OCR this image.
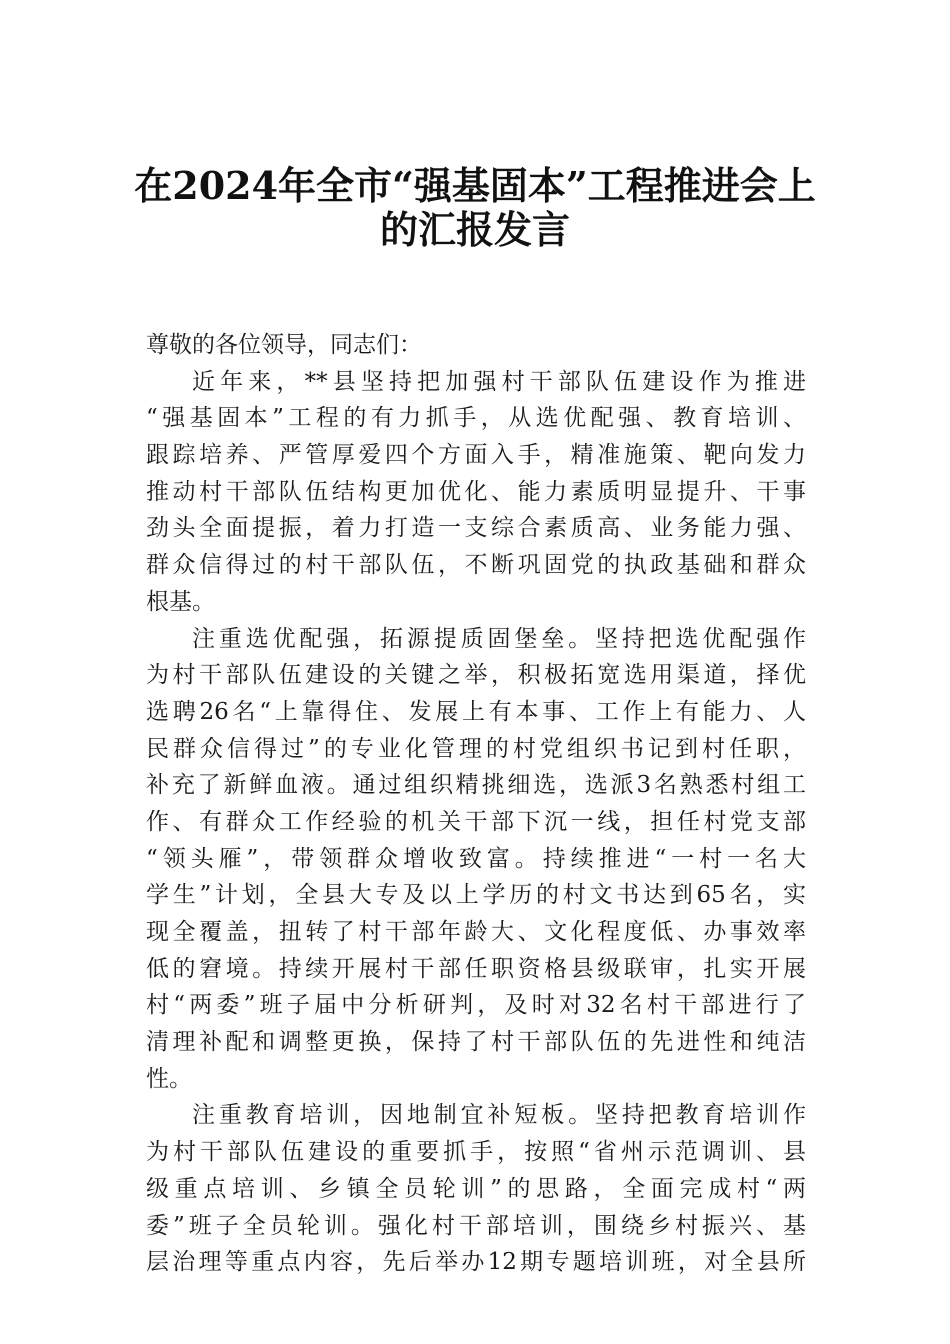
在2024年全市“强基固本”工程推进会上
的汇报发言
尊敬的各位领导，同志们：
近年来，**县坚持把加强村干部队伍建设作为推进
“强基固本”工程的有力抓手，从选优配强、教育培训、
跟踪培养、严管厚爱四个方面入手，精准施策、靶向发力
推动村干部队伍结构更加优化、能力素质明显提升、干事
劲头全面提振，着力打造一支综合素质高、业务能力强、
群众信得过的村干部队伍，不断巩固党的执政基础和群众
根基。
注重选优配强，拓源提质固堡垒。坚持把选优配强作
为村干部队伍建设的关键之举，积极拓宽选用渠道，择优
选聘26名“上靠得住、发展上有本事、工作上有能力、人
民群众信得过”的专业化管理的村党组织书记到村任职，
补充了新鲜血液。通过组织精挑细选，选派3名熟悉村组工
作、有群众工作经验的机关干部下沉一线，担任村党支部
“领头雁”，带领群众增收致富。持续推进“一村一名大
学生”计划，全县大专及以上学历的村文书达到65名，实
现全覆盖，扭转了村干部年龄大、文化程度低、办事效率
低的窘境。持续开展村干部任职资格县级联审，扎实开展
村“两委”班子届中分析研判，及时对32名村干部进行了
清理补配和调整更换，保持了村干部队伍的先进性和纯洁
性。
注重教育培训，因地制宜补短板。坚持把教育培训作
为村干部队伍建设的重要抓手，按照“省州示范调训、县
级重点培训、乡镇全员轮训”的思路，全面完成村“两
委”班子全员轮训。强化村干部培训，围绕乡村振兴、基
层治理等重点内容，先后举办12期专题培训班，对全县所
